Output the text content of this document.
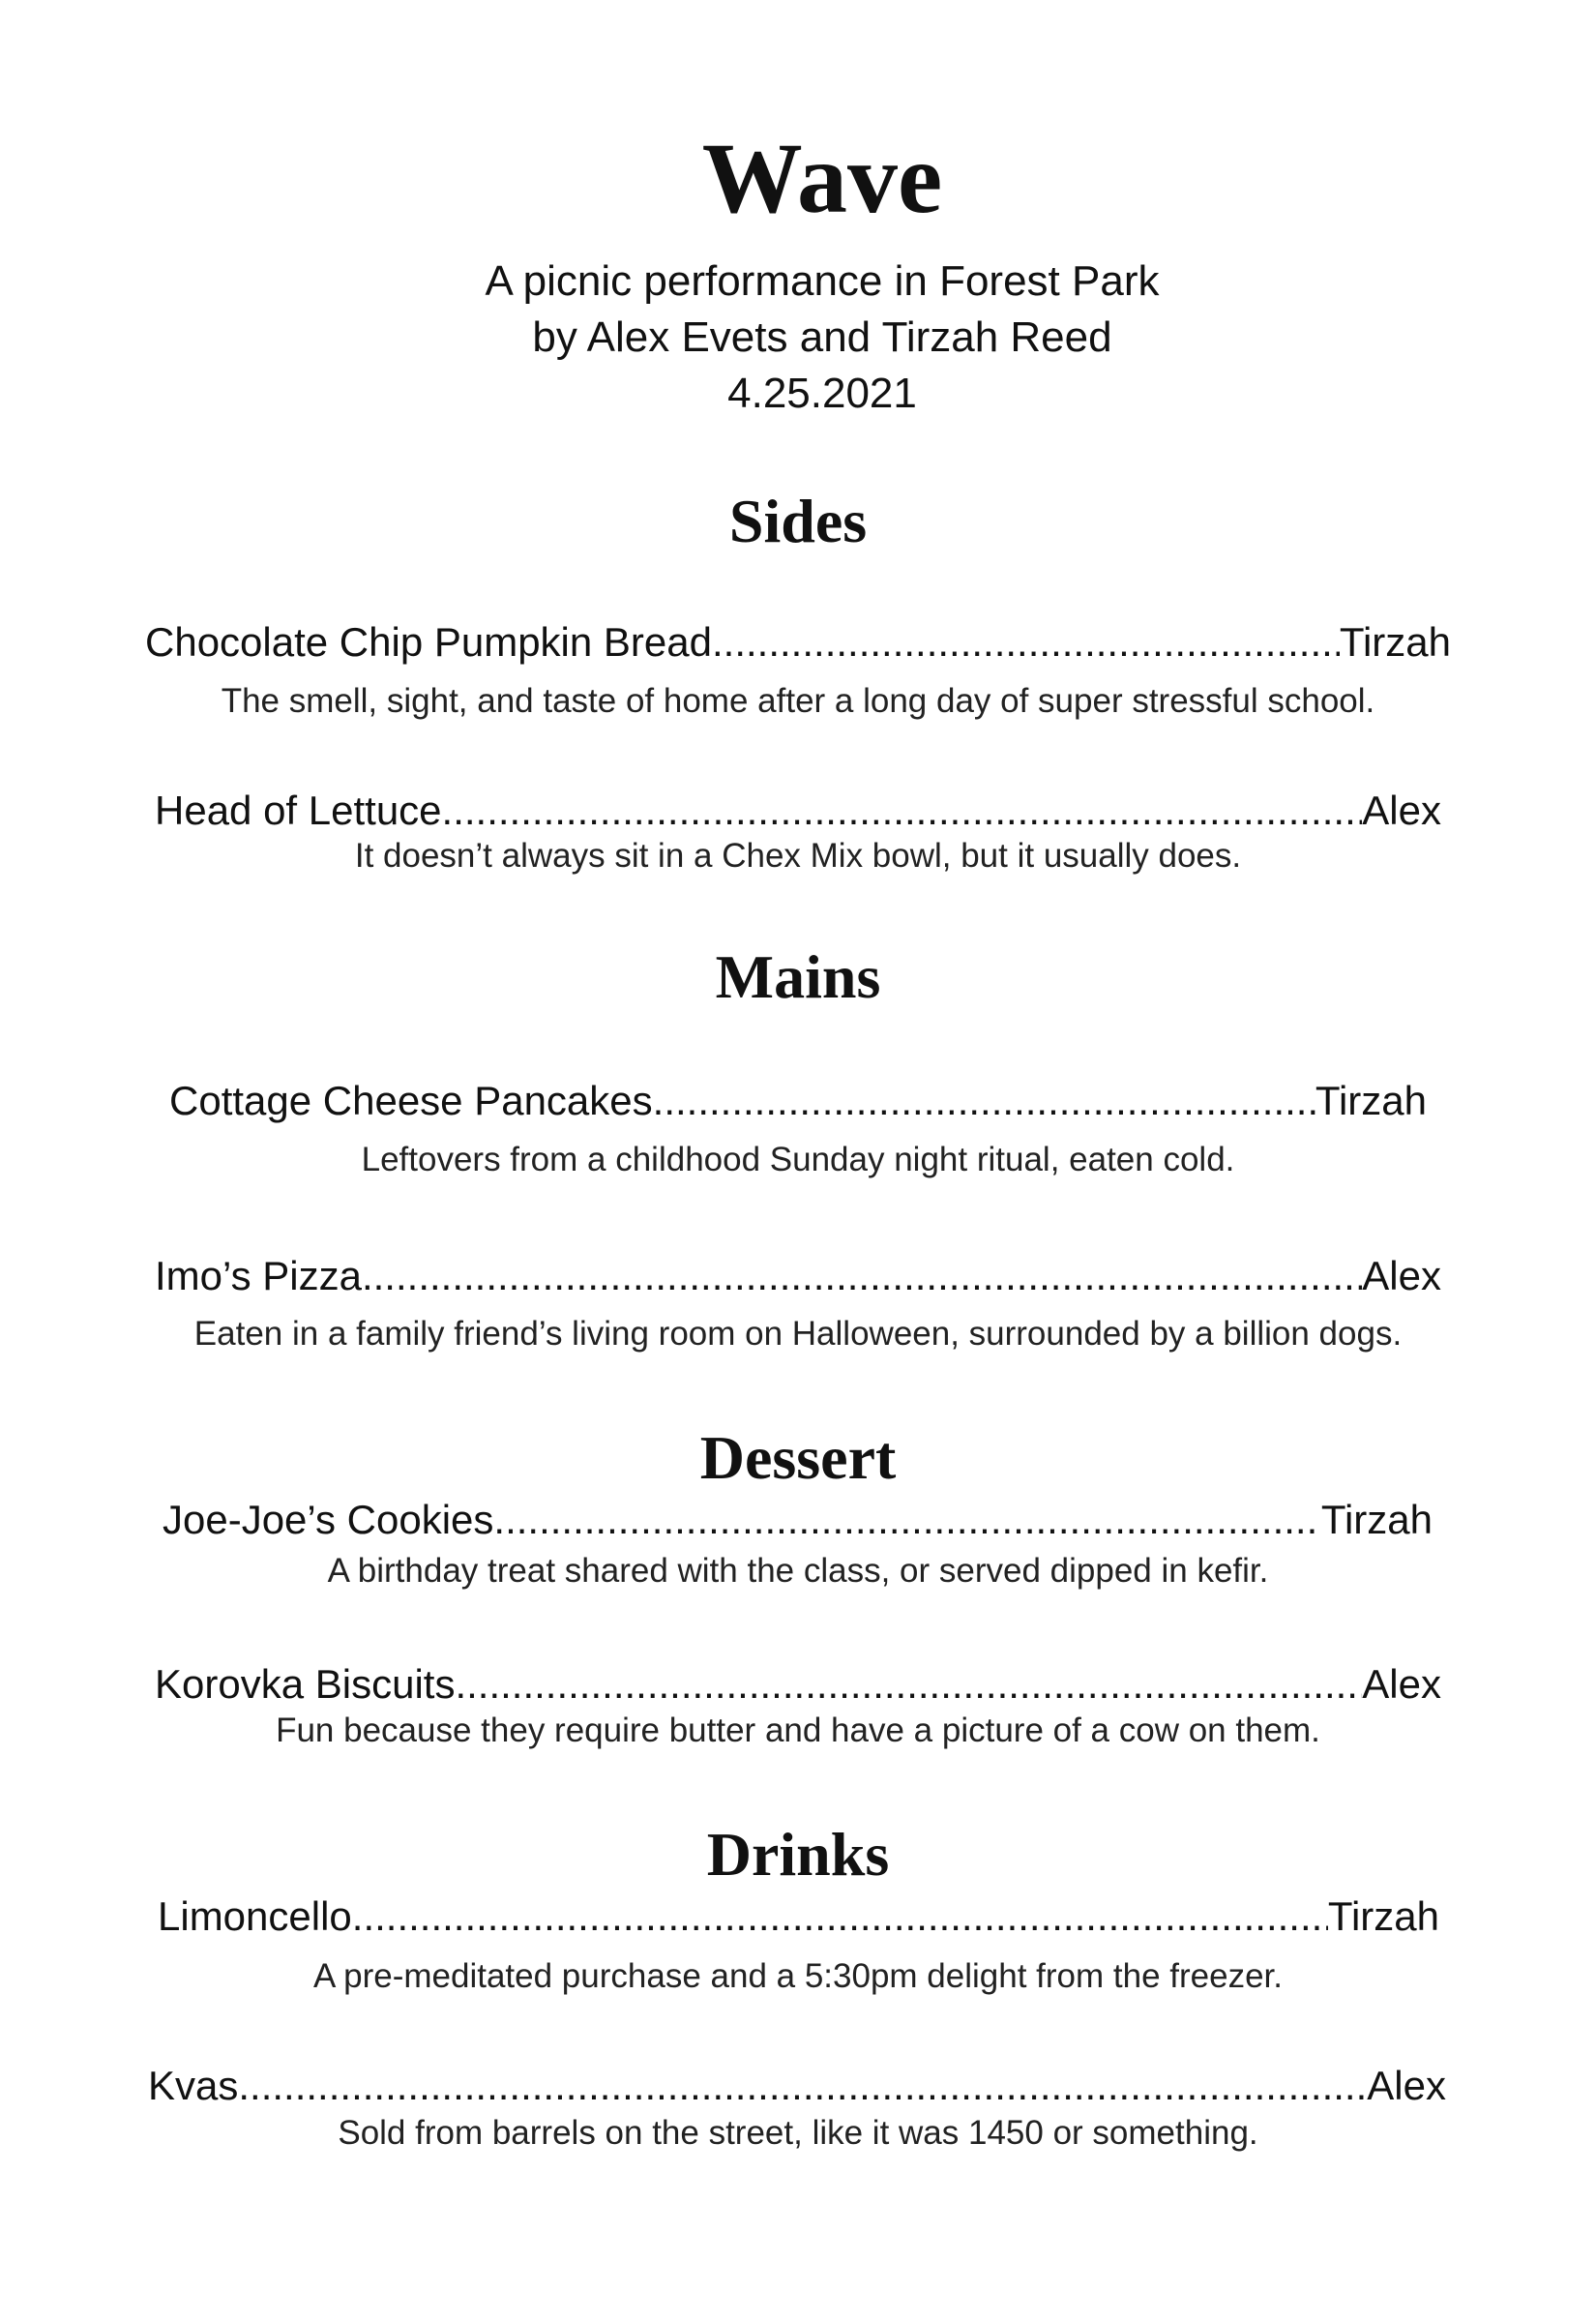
Wave

A picnic performance in Forest Park

by Alex Evets and Tirzah Reed

4.25.2021

Sides
Chocolate Chip Pumpkin Bread .....	Tirzah

The smell, sight, and taste of home after a long day of super stressful school.

Head of Lettuce .....	Alex

It doesn’t always sit in a Chex Mix bowl, but it usually does.

Mains
Cottage Cheese Pancakes .....	Tirzah

Leftovers from a childhood Sunday night ritual, eaten cold.

Imo’s Pizza .....	Alex

Eaten in a family friend’s living room on Halloween, surrounded by a billion dogs.

Dessert
Joe-Joe’s Cookies .....	Tirzah

A birthday treat shared with the class, or served dipped in kefir.

Korovka Biscuits .....	Alex

Fun because they require butter and have a picture of a cow on them.

Drinks
Limoncello .....	Tirzah

A pre-meditated purchase and a 5:30pm delight from the freezer.

Kvas .....	Alex

Sold from barrels on the street, like it was 1450 or something.
